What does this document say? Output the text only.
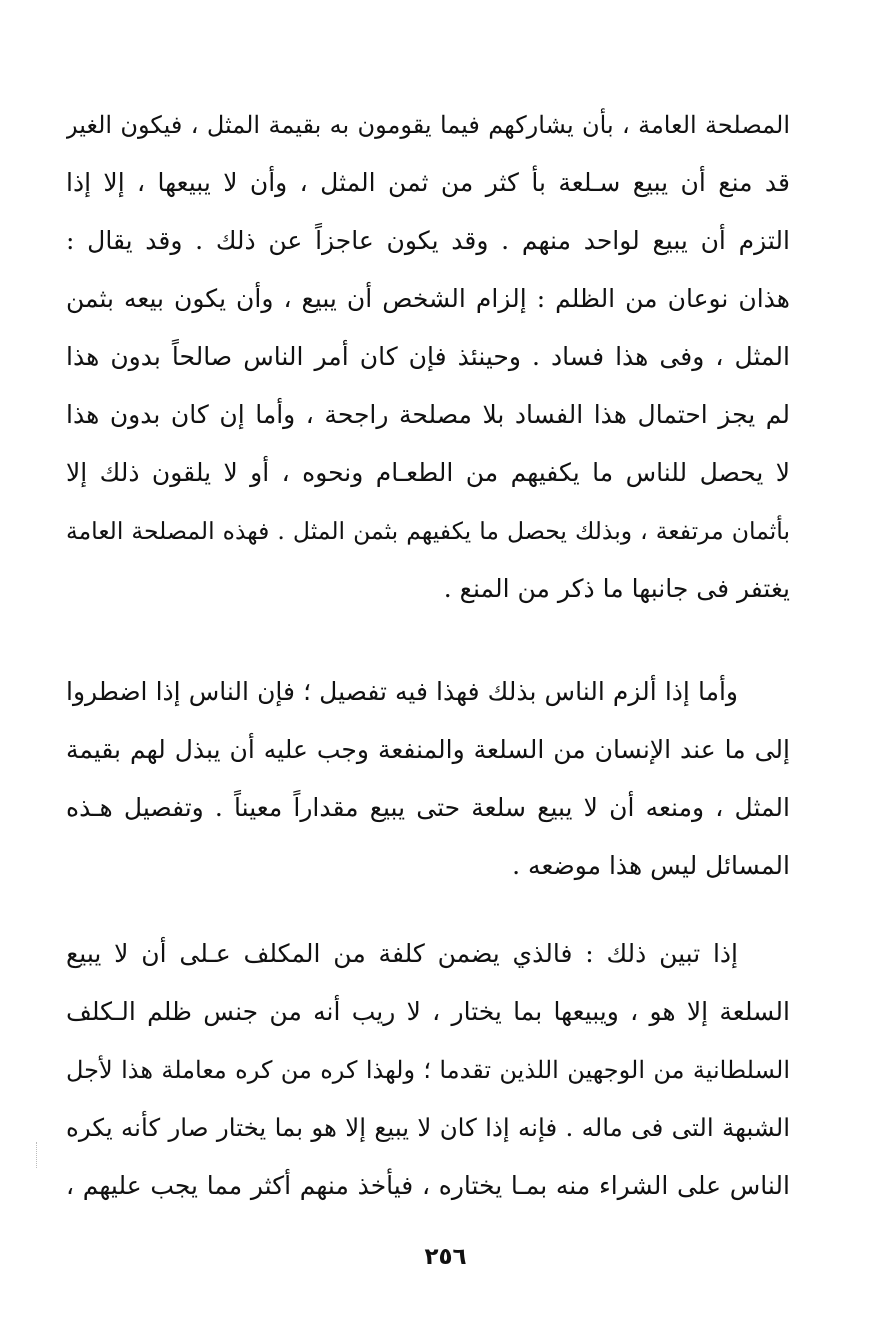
المصلحة العامة ، بأن يشاركهم فيما يقومون به بقيمة المثل ، فيكون الغير
قد منع أن يبيع سـلعة بأ كثر من ثمن المثل ، وأن لا يبيعها ، إلا إذا
التزم أن يبيع لواحد منهم . وقد يكون عاجزاً عن ذلك . وقد يقال :
هذان نوعان من الظلم : إلزام الشخص أن يبيع ، وأن يكون بيعه بثمن
المثل ، وفى هذا فساد . وحينئذ فإن كان أمر الناس صالحاً بدون هذا
لم يجز احتمال هذا الفساد بلا مصلحة راجحة ، وأما إن كان بدون هذا
لا يحصل للناس ما يكفيهم من الطعـام ونحوه ، أو لا يلقون ذلك إلا
بأثمان مرتفعة ، وبذلك يحصل ما يكفيهم بثمن المثل . فهذه المصلحة العامة
يغتفر فى جانبها ما ذكر من المنع .
وأما إذا ألزم الناس بذلك فهذا فيه تفصيل ؛ فإن الناس إذا اضطروا
إلى ما عند الإنسان من السلعة والمنفعة وجب عليه أن يبذل لهم بقيمة
المثل ، ومنعه أن لا يبيع سلعة حتى يبيع مقداراً معيناً . وتفصيل هـذه
المسائل ليس هذا موضعه .
إذا تبين ذلك : فالذي يضمن كلفة من المكلف عـلى أن لا يبيع
السلعة إلا هو ، ويبيعها بما يختار ، لا ريب أنه من جنس ظلم الـكلف
السلطانية من الوجهين اللذين تقدما ؛ ولهذا كره من كره معاملة هذا لأجل
الشبهة التى فى ماله . فإنه إذا كان لا يبيع إلا هو بما يختار صار كأنه يكره
الناس على الشراء منه بمـا يختاره ، فيأخذ منهم أكثر مما يجب عليهم ،
٢٥٦
